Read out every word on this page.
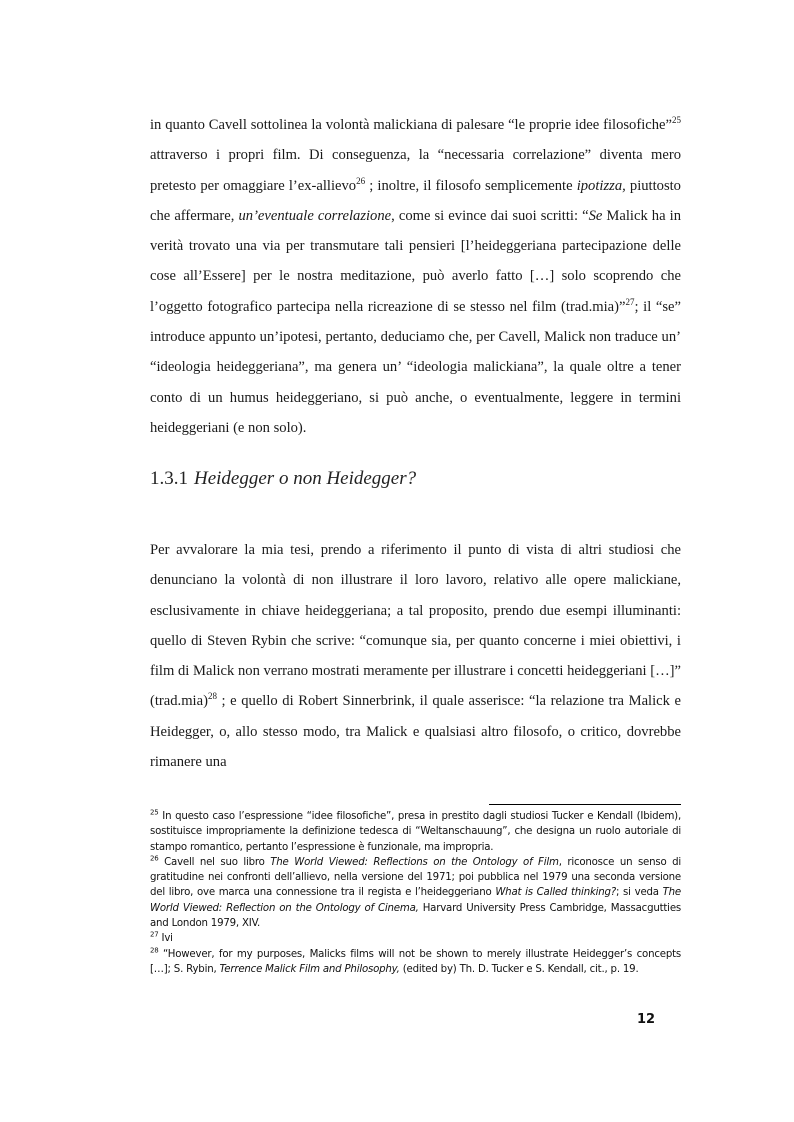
in quanto Cavell sottolinea la volontà malickiana di palesare “le proprie idee filosofiche”$^{25}$ attraverso i propri film. Di conseguenza, la “necessaria correlazione” diventa mero pretesto per omaggiare l’ex-allievo$^{26}$ ; inoltre, il filosofo semplicemente ipotizza, piuttosto che affermare, un’eventuale correlazione, come si evince dai suoi scritti: “Se Malick ha in verità trovato una via per transmutare tali pensieri [l’heideggeriana partecipazione delle cose all’Essere] per le nostra meditazione, può averlo fatto […] solo scoprendo che l’oggetto fotografico partecipa nella ricreazione di se stesso nel film (trad.mia)”$^{27}$; il “se” introduce appunto un’ipotesi, pertanto, deduciamo che, per Cavell, Malick non traduce un’ “ideologia heideggeriana”, ma genera un’ “ideologia malickiana”, la quale oltre a tener conto di un humus heideggeriano, si può anche, o eventualmente, leggere in termini heideggeriani (e non solo).

1.3.1 Heidegger o non Heidegger?

Per avvalorare la mia tesi, prendo a riferimento il punto di vista di altri studiosi che denunciano la volontà di non illustrare il loro lavoro, relativo alle opere malickiane, esclusivamente in chiave heideggeriana; a tal proposito, prendo due esempi illuminanti: quello di Steven Rybin che scrive: “comunque sia, per quanto concerne i miei obiettivi, i film di Malick non verrano mostrati meramente per illustrare i concetti heideggeriani […]” (trad.mia)$^{28}$ ; e quello di Robert Sinnerbrink, il quale asserisce: “la relazione tra Malick e Heidegger, o, allo stesso modo, tra Malick e qualsiasi altro filosofo, o critico, dovrebbe rimanere una

$^{25}$ In questo caso l’espressione “idee filosofiche”, presa in prestito dagli studiosi Tucker e Kendall (Ibidem), sostituisce impropriamente la definizione tedesca di “Weltanschauung”, che designa un ruolo autoriale di stampo romantico, pertanto l’espressione è funzionale, ma impropria.

$^{26}$ Cavell nel suo libro The World Viewed: Reflections on the Ontology of Film, riconosce un senso di gratitudine nei confronti dell’allievo, nella versione del 1971; poi pubblica nel 1979 una seconda versione del libro, ove marca una connessione tra il regista e l’heideggeriano What is Called thinking?; si veda The World Viewed: Reflection on the Ontology of Cinema, Harvard University Press Cambridge, Massacgutties and London 1979, XIV.

$^{27}$ Ivi

$^{28}$ “However, for my purposes, Malicks films will not be shown to merely illustrate Heidegger’s concepts […]; S. Rybin, Terrence Malick Film and Philosophy, (edited by) Th. D. Tucker e S. Kendall, cit., p. 19.

12
